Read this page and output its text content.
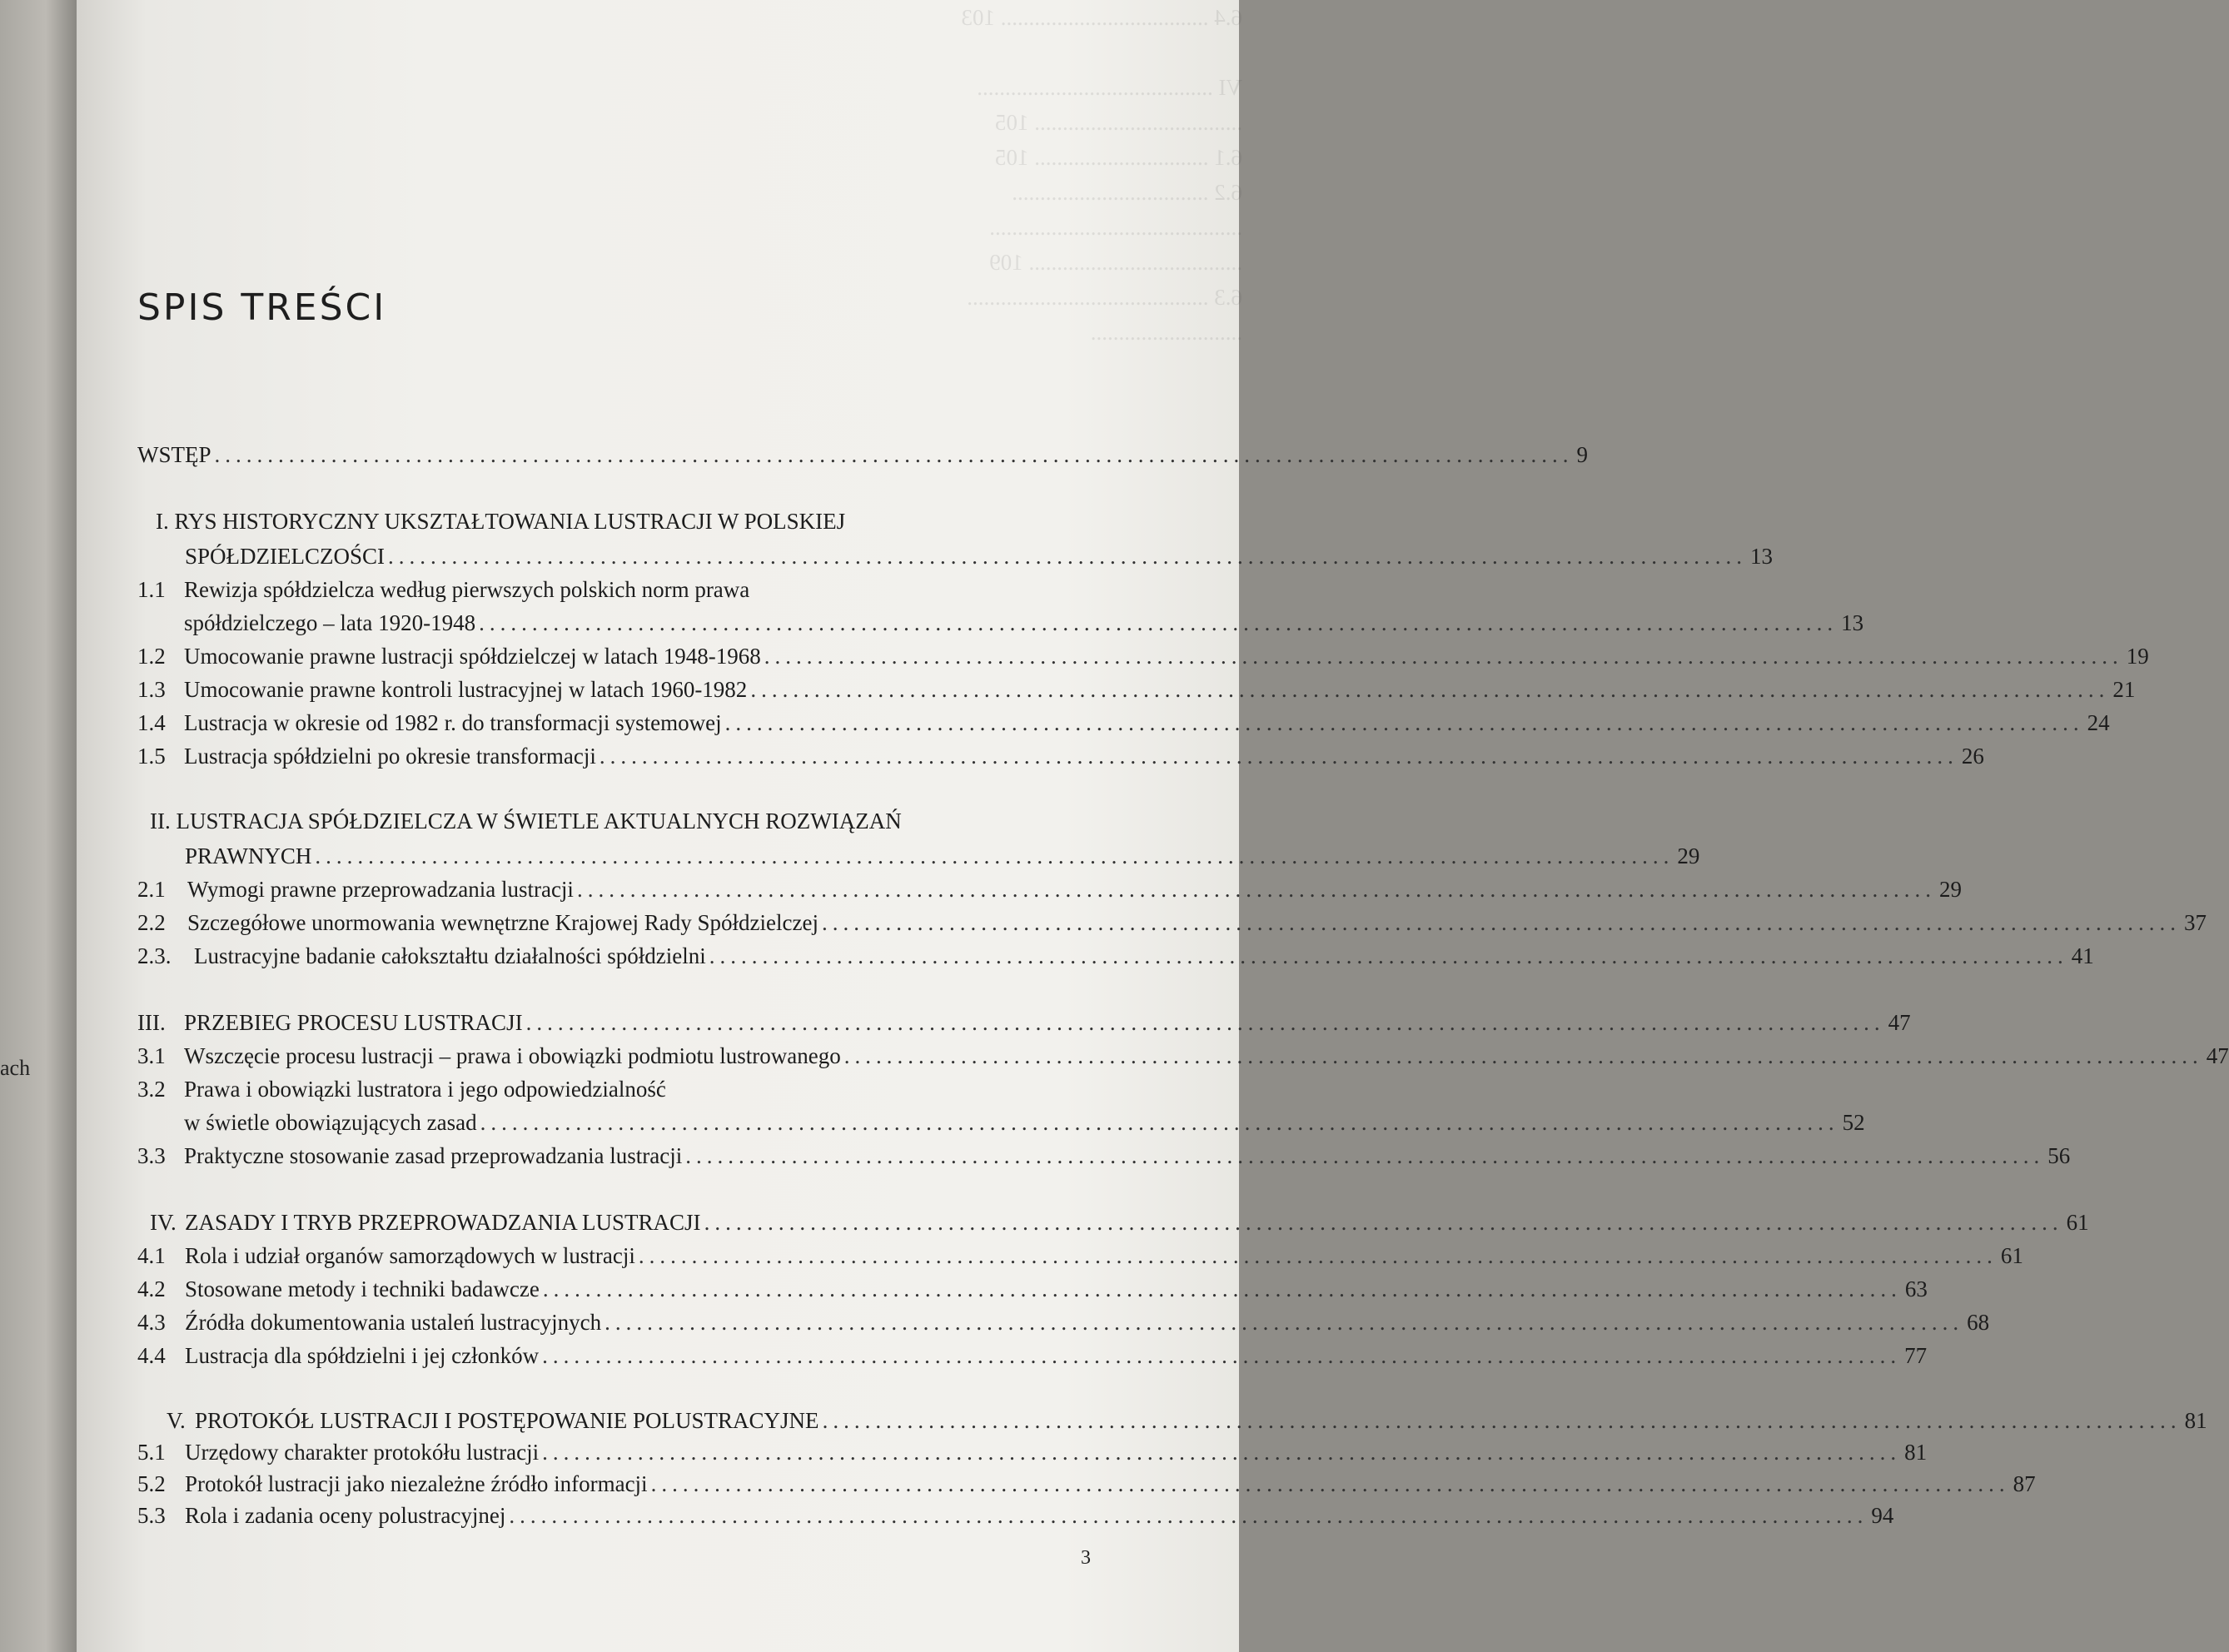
ach
6.4 ..................................... 103

VI ..........................................
..................................... 105
6.1 ............................... 105
6.2 ...................................
.............................................
...................................... 109
6.3 ...........................................
...........................
SPIS TREŚCI
WSTĘP ................................................................................................................................ 9
I.
RYS HISTORYCZNY UKSZTAŁTOWANIA LUSTRACJI W POLSKIEJ
SPÓŁDZIELCZOŚCI ................................................................................................................................ 13
1.1 Rewizja spółdzielcza według pierwszych polskich norm prawa
spółdzielczego – lata 1920-1948 ................................................................................................................................ 13
1.2 Umocowanie prawne lustracji spółdzielczej w latach 1948-1968 ................................................................................................................................ 19
1.3 Umocowanie prawne kontroli lustracyjnej w latach 1960-1982 ................................................................................................................................ 21
1.4 Lustracja w okresie od 1982 r. do transformacji systemowej ................................................................................................................................ 24
1.5 Lustracja spółdzielni po okresie transformacji ................................................................................................................................ 26
II.
LUSTRACJA SPÓŁDZIELCZA W ŚWIETLE AKTUALNYCH ROZWIĄZAŃ
PRAWNYCH ................................................................................................................................ 29
2.1 Wymogi prawne przeprowadzania lustracji ................................................................................................................................ 29
2.2 Szczegółowe unormowania wewnętrzne Krajowej Rady Spółdzielczej ................................................................................................................................ 37
2.3.	Lustracyjne badanie całokształtu działalności spółdzielni ................................................................................................................................ 41
III. PRZEBIEG PROCESU LUSTRACJI ................................................................................................................................ 47
3.1 Wszczęcie procesu lustracji – prawa i obowiązki podmiotu lustrowanego ................................................................................................................................ 47
3.2 Prawa i obowiązki lustratora i jego odpowiedzialność
w świetle obowiązujących zasad ................................................................................................................................ 52
3.3 Praktyczne stosowanie zasad przeprowadzania lustracji ................................................................................................................................ 56
IV. ZASADY I TRYB PRZEPROWADZANIA LUSTRACJI ................................................................................................................................ 61
4.1 Rola i udział organów samorządowych w lustracji ................................................................................................................................ 61
4.2 Stosowane metody i techniki badawcze ................................................................................................................................ 63
4.3 Źródła dokumentowania ustaleń lustracyjnych ................................................................................................................................ 68
4.4 Lustracja dla spółdzielni i jej członków ................................................................................................................................ 77
V. PROTOKÓŁ LUSTRACJI I POSTĘPOWANIE POLUSTRACYJNE ................................................................................................................................ 81
5.1 Urzędowy charakter protokółu lustracji ................................................................................................................................ 81
5.2 Protokół lustracji jako niezależne źródło informacji ................................................................................................................................ 87
5.3 Rola i zadania oceny polustracyjnej ................................................................................................................................ 94
3
